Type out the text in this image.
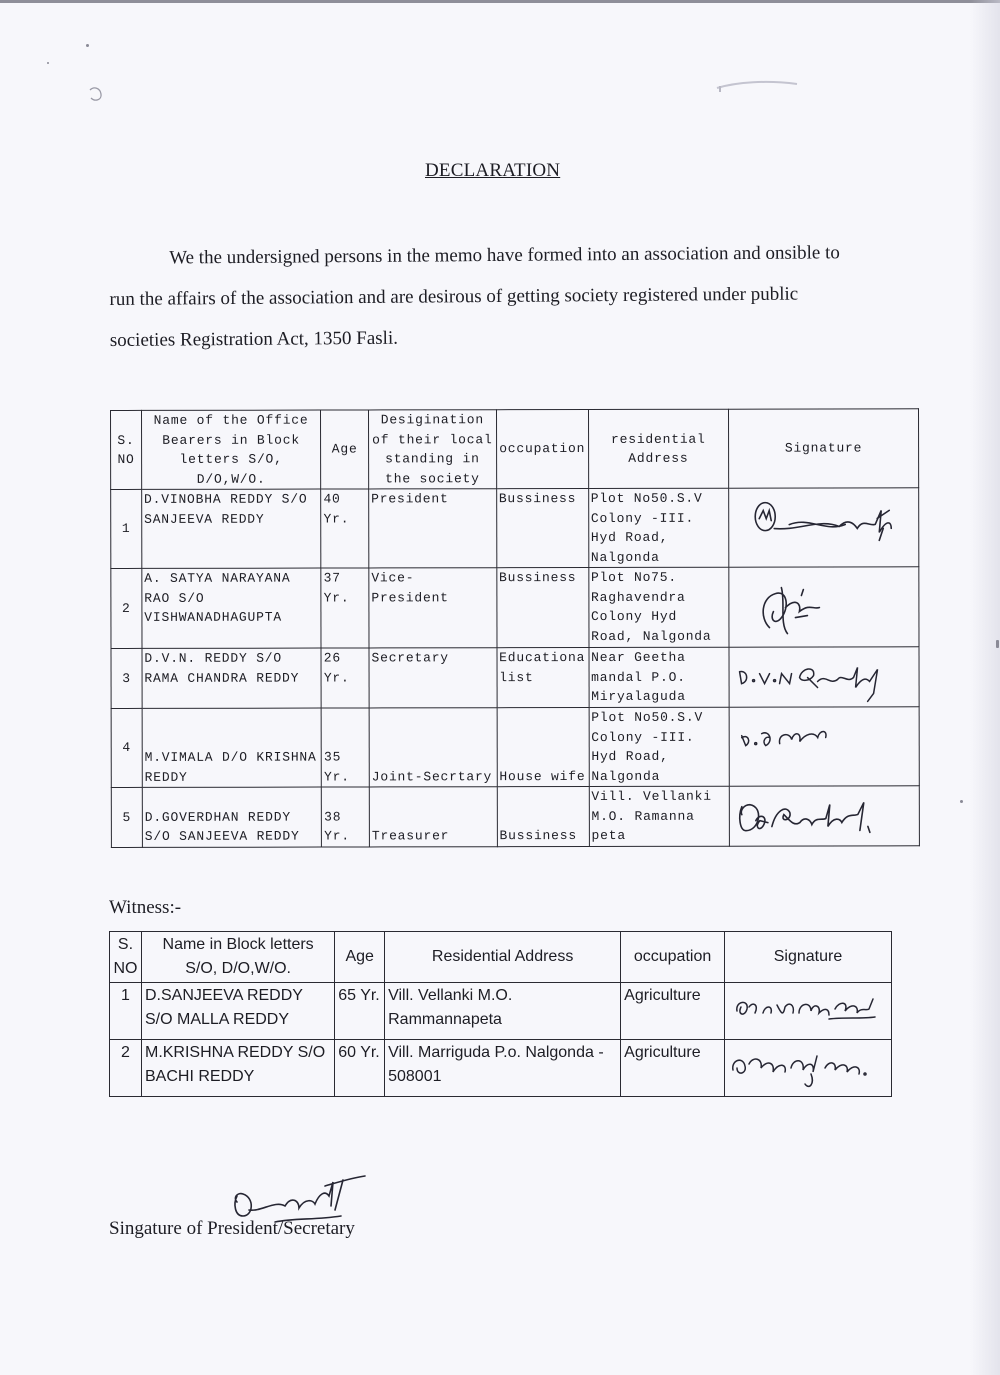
DECLARATION

We the undersigned persons in the memo have formed into an association and onsible to

run the affairs of the association and are desirous of getting society registered under public

societies Registration Act, 1350 Fasli.

S. NO	Name of the Office Bearers in Block letters S/O, D/O,W/O.	Age	Desigination of their local standing in the society	occupation	residential Address	Signature
1	D.VINOBHA REDDY S/O SANJEEVA REDDY	40 Yr.	President	Bussiness	Plot No50.S.V Colony -III. Hyd Road, Nalgonda	

2	A. SATYA NARAYANA RAO S/O VISHWANADHAGUPTA	37 Yr.	Vice- President	Bussiness	Plot No75. Raghavendra Colony Hyd Road, Nalgonda	

3	D.V.N. REDDY S/O RAMA CHANDRA REDDY	26 Yr.	Secretary	Educationa list	Near Geetha mandal P.O. Miryalaguda	

4	M.VIMALA D/O KRISHNA REDDY	35 Yr.	Joint-Secrtary	House wife	Plot No50.S.V Colony -III. Hyd Road, Nalgonda	

5	D.GOVERDHAN REDDY S/O SANJEEVA REDDY	38 Yr.	Treasurer	Bussiness	Vill. Vellanki M.O. Ramanna peta	
Witness:-
S. NO	Name in Block letters S/O, D/O,W/O.	Age	Residential Address	occupation	Signature
1	D.SANJEEVA REDDY S/O MALLA REDDY	65 Yr.	Vill. Vellanki M.O. Rammannapeta	Agriculture	
2	M.KRISHNA REDDY S/O BACHI REDDY	60 Yr.	Vill. Marriguda P.o. Nalgonda - 508001	Agriculture	
Singature of President/Secretary
